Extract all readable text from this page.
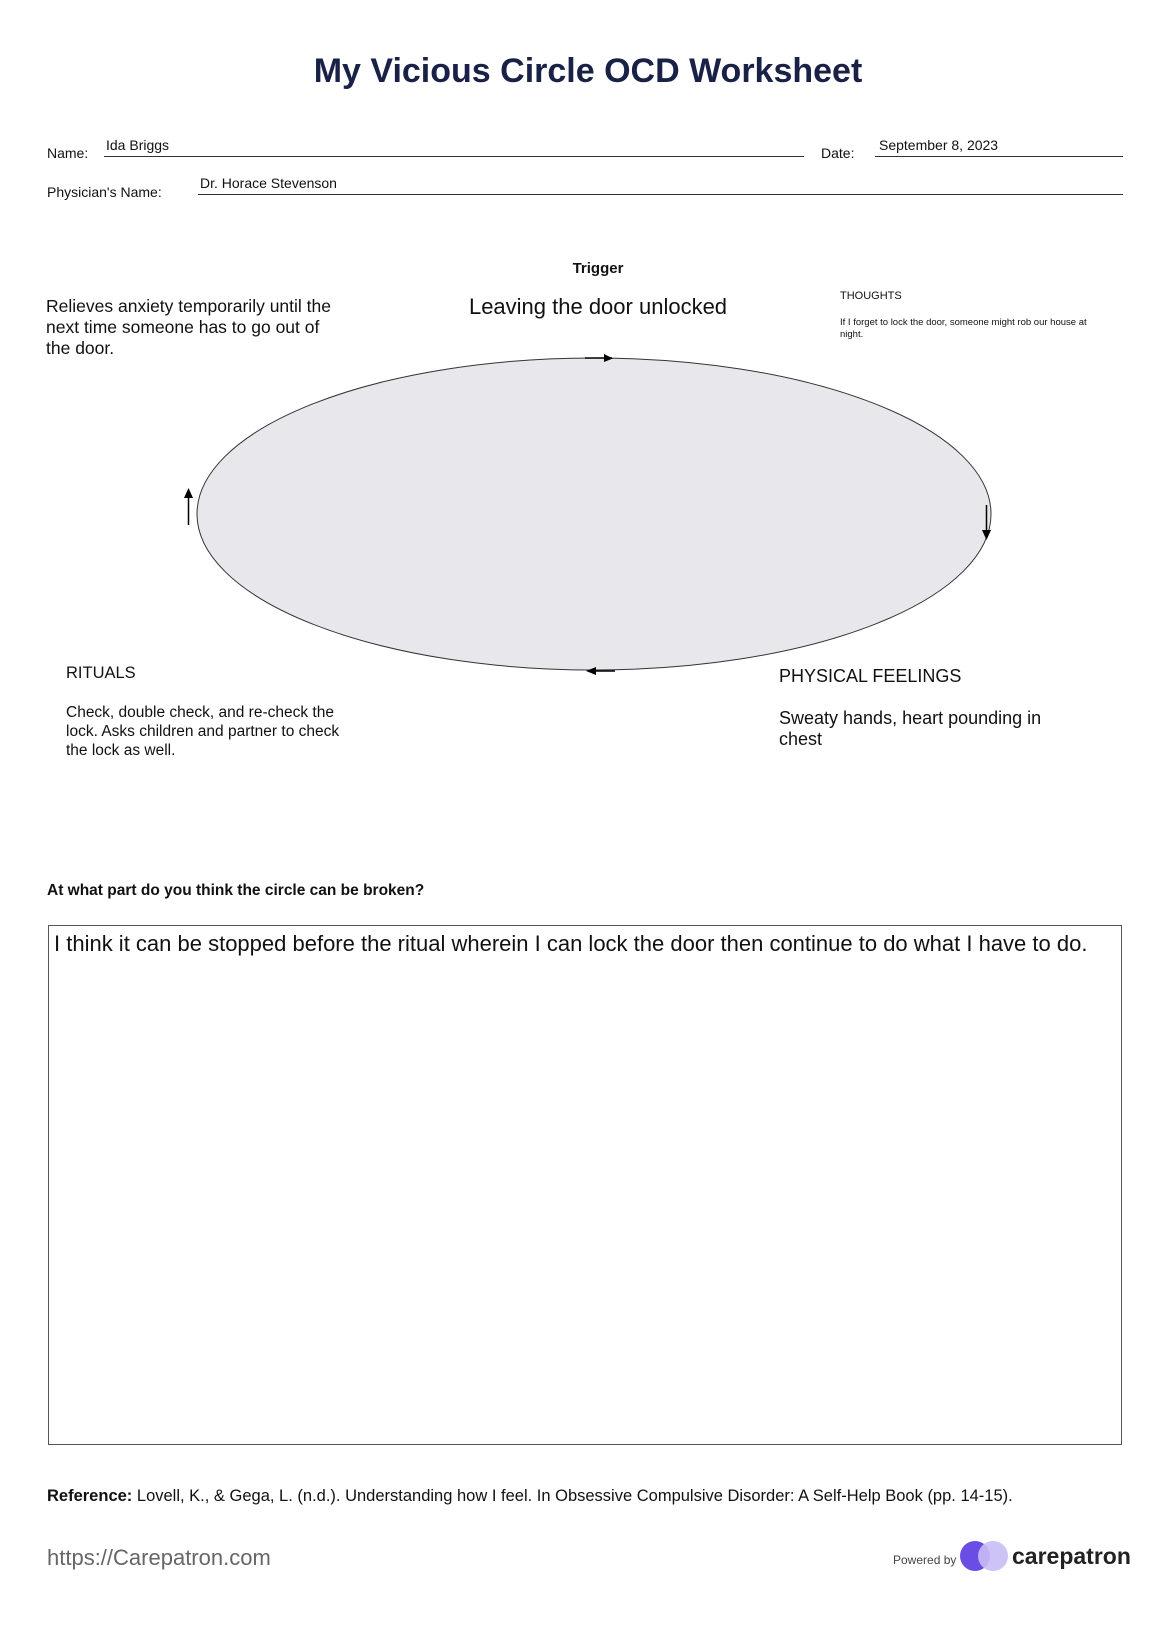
My Vicious Circle OCD Worksheet
Name: Ida Briggs	Date: September 8, 2023
Physician's Name:
Dr. Horace Stevenson
Trigger
Leaving the door unlocked	THOUGHTS
If I forget to lock the door, someone might rob our house at night.
Relieves anxiety temporarily until the next time someone has to go out of the door.
RITUALS
Check, double check, and re-check the lock. Asks children and partner to check the lock as well.
PHYSICAL FEELINGS
Sweaty hands, heart pounding in chest
At what part do you think the circle can be broken?
I think it can be stopped before the ritual wherein I can lock the door then continue to do what I have to do.
Reference: Lovell, K., & Gega, L. (n.d.). Understanding how I feel. In Obsessive Compulsive Disorder: A Self-Help Book (pp. 14-15).
https://Carepatron.com	Powered by carepatron
